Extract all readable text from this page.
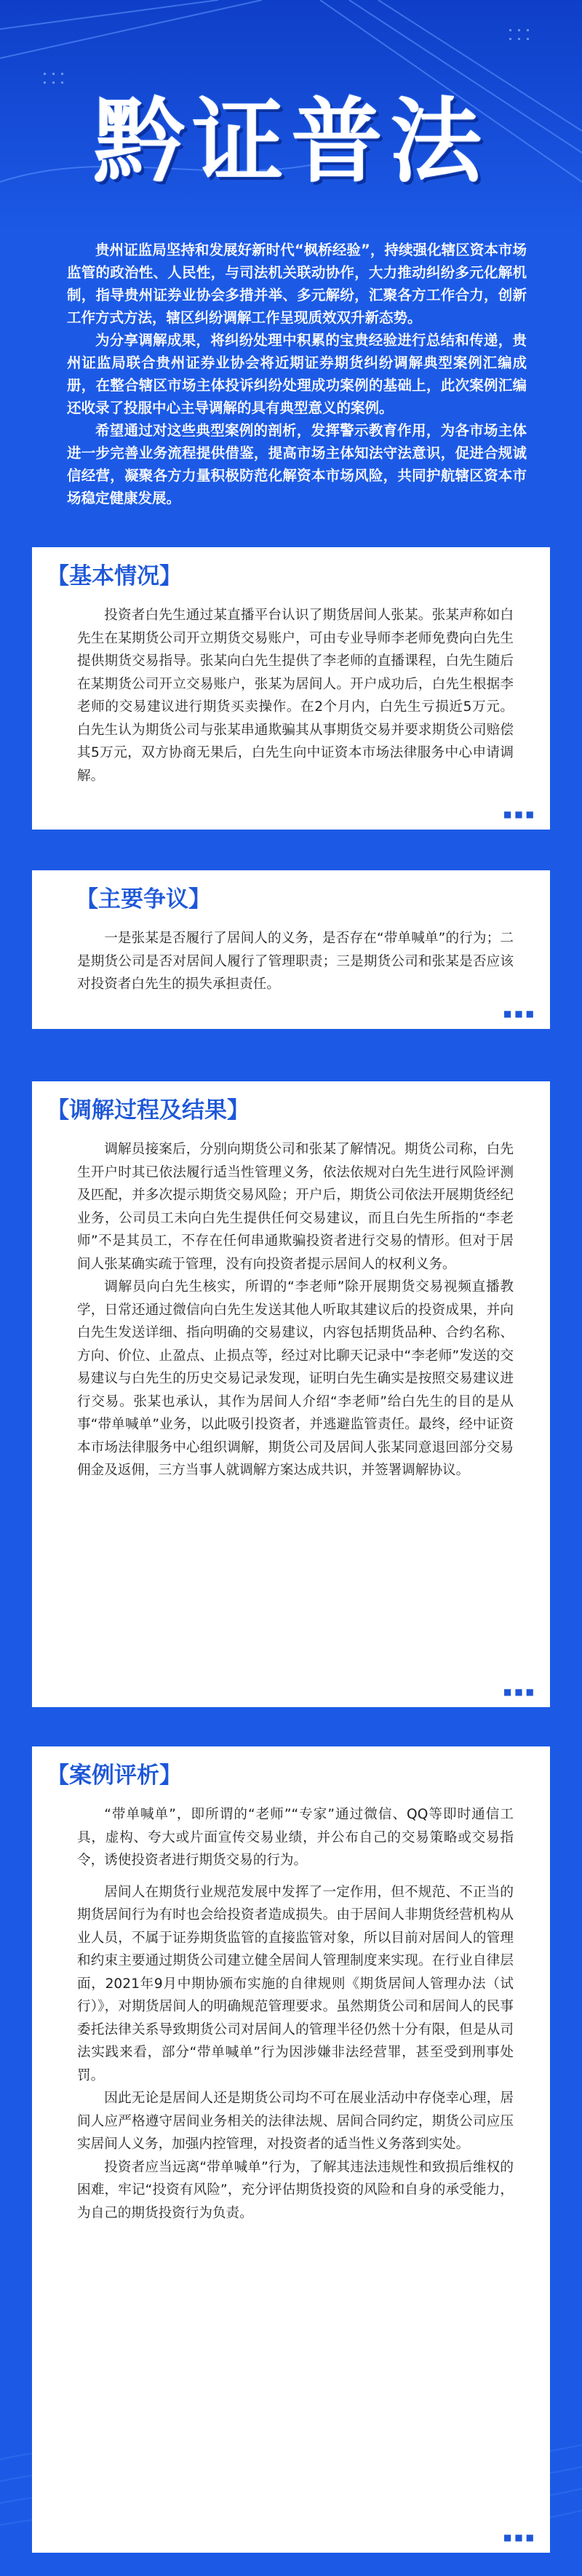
黔证普法

贵州证监局坚持和发展好新时代“枫桥经验”，持续强化辖区资本市场监管的政治性、人民性，与司法机关联动协作，大力推动纠纷多元化解机制，指导贵州证券业协会多措并举、多元解纷，汇聚各方工作合力，创新工作方式方法，辖区纠纷调解工作呈现质效双升新态势。

为分享调解成果，将纠纷处理中积累的宝贵经验进行总结和传递，贵州证监局联合贵州证券业协会将近期证券期货纠纷调解典型案例汇编成册，在整合辖区市场主体投诉纠纷处理成功案例的基础上，此次案例汇编还收录了投服中心主导调解的具有典型意义的案例。

希望通过对这些典型案例的剖析，发挥警示教育作用，为各市场主体进一步完善业务流程提供借鉴，提高市场主体知法守法意识，促进合规诚信经营，凝聚各方力量积极防范化解资本市场风险，共同护航辖区资本市场稳定健康发展。

【基本情况】

投资者白先生通过某直播平台认识了期货居间人张某。张某声称如白先生在某期货公司开立期货交易账户，可由专业导师李老师免费向白先生提供期货交易指导。张某向白先生提供了李老师的直播课程，白先生随后在某期货公司开立交易账户，张某为居间人。开户成功后，白先生根据李老师的交易建议进行期货买卖操作。在2个月内，白先生亏损近5万元。白先生认为期货公司与张某串通欺骗其从事期货交易并要求期货公司赔偿其5万元，双方协商无果后，白先生向中证资本市场法律服务中心申请调解。

■■■
【主要争议】

一是张某是否履行了居间人的义务，是否存在“带单喊单”的行为；二是期货公司是否对居间人履行了管理职责；三是期货公司和张某是否应该对投资者白先生的损失承担责任。

■■■
【调解过程及结果】

调解员接案后，分别向期货公司和张某了解情况。期货公司称，白先生开户时其已依法履行适当性管理义务，依法依规对白先生进行风险评测及匹配，并多次提示期货交易风险；开户后，期货公司依法开展期货经纪业务，公司员工未向白先生提供任何交易建议，而且白先生所指的“李老师”不是其员工，不存在任何串通欺骗投资者进行交易的情形。但对于居间人张某确实疏于管理，没有向投资者提示居间人的权利义务。

调解员向白先生核实，所谓的“李老师”除开展期货交易视频直播教学，日常还通过微信向白先生发送其他人听取其建议后的投资成果，并向白先生发送详细、指向明确的交易建议，内容包括期货品种、合约名称、方向、价位、止盈点、止损点等，经过对比聊天记录中“李老师”发送的交易建议与白先生的历史交易记录发现，证明白先生确实是按照交易建议进行交易。张某也承认，其作为居间人介绍“李老师”给白先生的目的是从事“带单喊单”业务，以此吸引投资者，并逃避监管责任。最终，经中证资本市场法律服务中心组织调解，期货公司及居间人张某同意退回部分交易佣金及返佣，三方当事人就调解方案达成共识，并签署调解协议。

■■■
【案例评析】

“带单喊单”，即所谓的“老师”“专家”通过微信、QQ等即时通信工具，虚构、夸大或片面宣传交易业绩，并公布自己的交易策略或交易指令，诱使投资者进行期货交易的行为。

居间人在期货行业规范发展中发挥了一定作用，但不规范、不正当的期货居间行为有时也会给投资者造成损失。由于居间人非期货经营机构从业人员，不属于证券期货监管的直接监管对象，所以目前对居间人的管理和约束主要通过期货公司建立健全居间人管理制度来实现。在行业自律层面，2021年9月中期协颁布实施的自律规则《期货居间人管理办法（试行）》，对期货居间人的明确规范管理要求。虽然期货公司和居间人的民事委托法律关系导致期货公司对居间人的管理半径仍然十分有限，但是从司法实践来看，部分“带单喊单”行为因涉嫌非法经营罪，甚至受到刑事处罚。

因此无论是居间人还是期货公司均不可在展业活动中存侥幸心理，居间人应严格遵守居间业务相关的法律法规、居间合同约定，期货公司应压实居间人义务，加强内控管理，对投资者的适当性义务落到实处。

投资者应当远离“带单喊单”行为，了解其违法违规性和致损后维权的困难，牢记“投资有风险”，充分评估期货投资的风险和自身的承受能力，为自己的期货投资行为负责。

■■■
